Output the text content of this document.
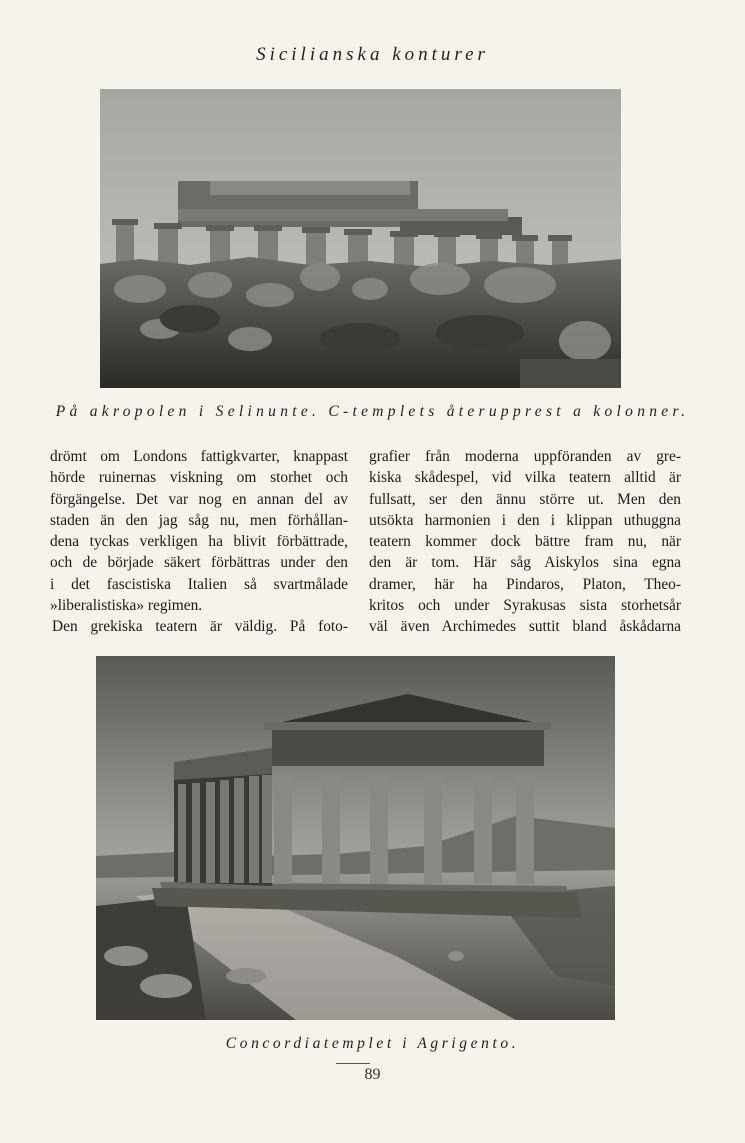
Sicilianska konturer
På akropolen i Selinunte. C-templets återupprest a kolonner.
drömt om Londons fattigkvarter, knappast
hörde ruinernas viskning om storhet och
förgängelse. Det var nog en annan del av
staden än den jag såg nu, men förhållan-
dena tyckas verkligen ha blivit förbättrade,
och de började säkert förbättras under den
i det fascistiska Italien så svartmålade
»liberalistiska» regimen.
Den grekiska teatern är väldig. På foto-
grafier från moderna uppföranden av gre-
kiska skådespel, vid vilka teatern alltid är
fullsatt, ser den ännu större ut. Men den
utsökta harmonien i den i klippan uthuggna
teatern kommer dock bättre fram nu, när
den är tom. Här såg Aiskylos sina egna
dramer, här ha Pindaros, Platon, Theo-
kritos och under Syrakusas sista storhetsår
väl även Archimedes suttit bland åskådarna
Concordiatemplet i Agrigento.
89
